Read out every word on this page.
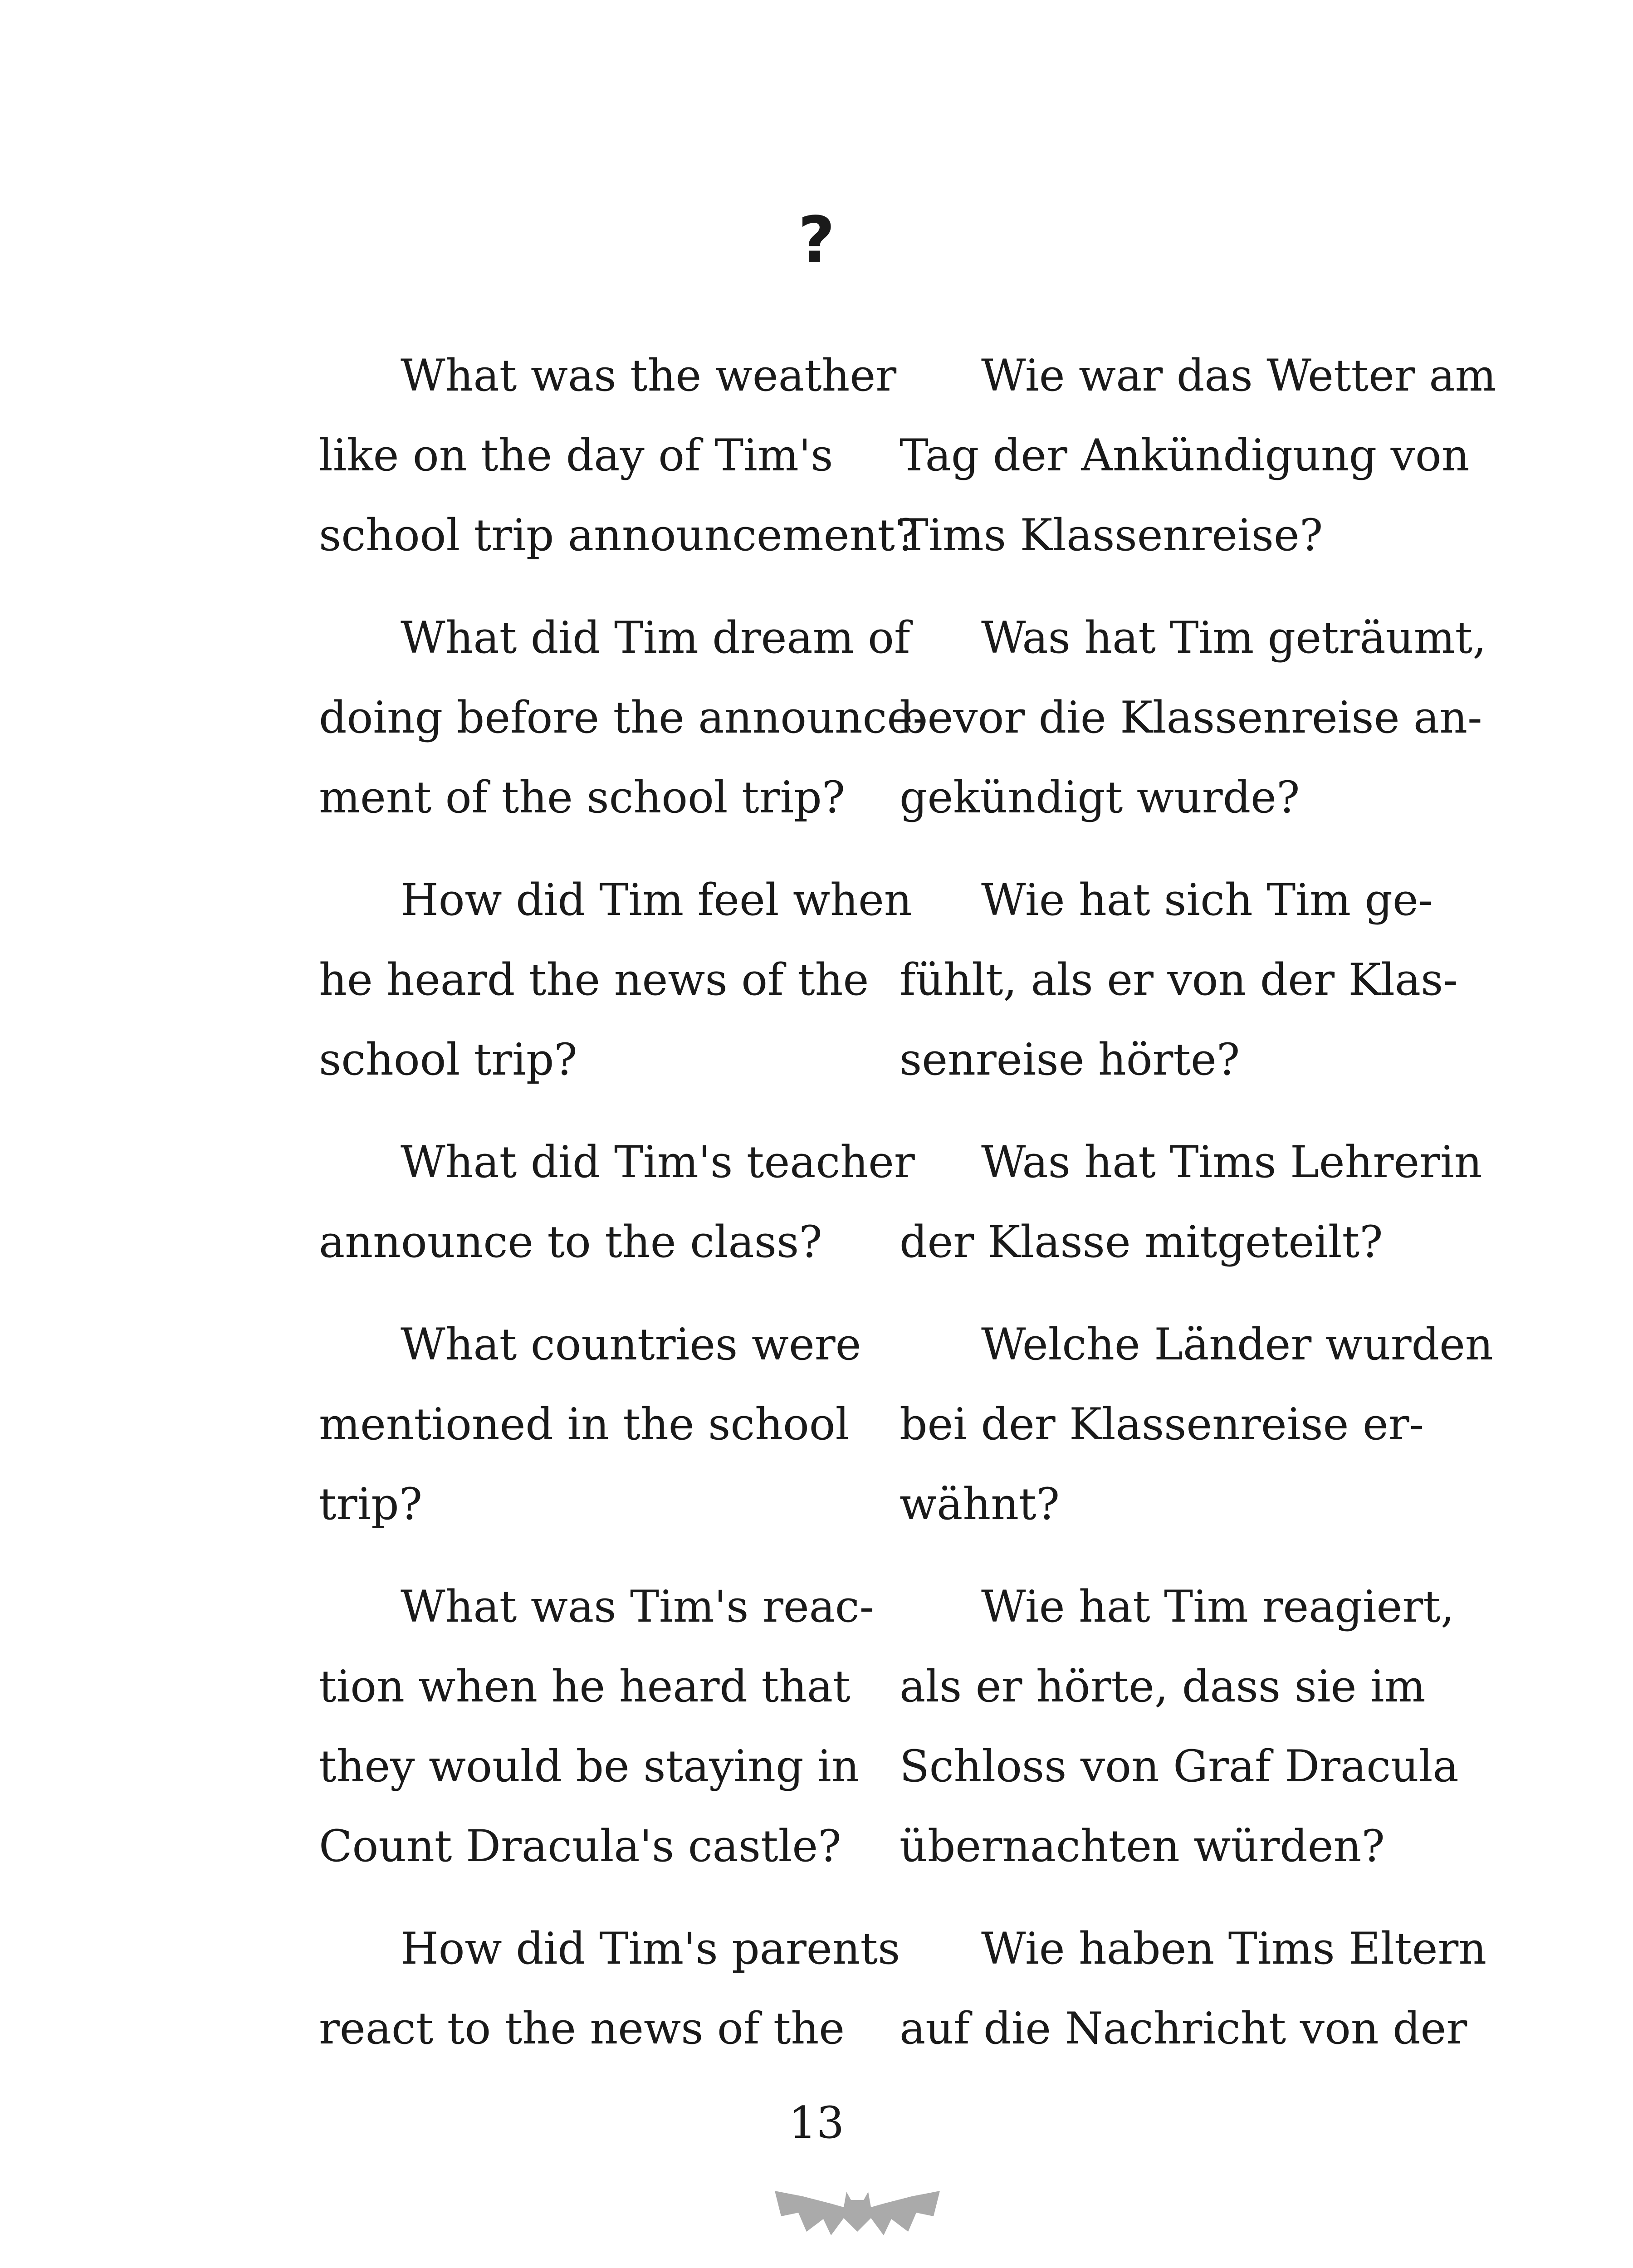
?
What was the weather
like on the day of Tim's
school trip announcement?
What did Tim dream of
doing before the announce-
ment of the school trip?
How did Tim feel when
he heard the news of the
school trip?
What did Tim's teacher
announce to the class?
What countries were
mentioned in the school
trip?
What was Tim's reac-
tion when he heard that
they would be staying in
Count Dracula's castle?
How did Tim's parents
react to the news of the
Wie war das Wetter am
Tag der Ankündigung von
Tims Klassenreise?
Was hat Tim geträumt,
bevor die Klassenreise an-
gekündigt wurde?
Wie hat sich Tim ge-
fühlt, als er von der Klas-
senreise hörte?
Was hat Tims Lehrerin
der Klasse mitgeteilt?
Welche Länder wurden
bei der Klassenreise er-
wähnt?
Wie hat Tim reagiert,
als er hörte, dass sie im
Schloss von Graf Dracula
übernachten würden?
Wie haben Tims Eltern
auf die Nachricht von der
13
